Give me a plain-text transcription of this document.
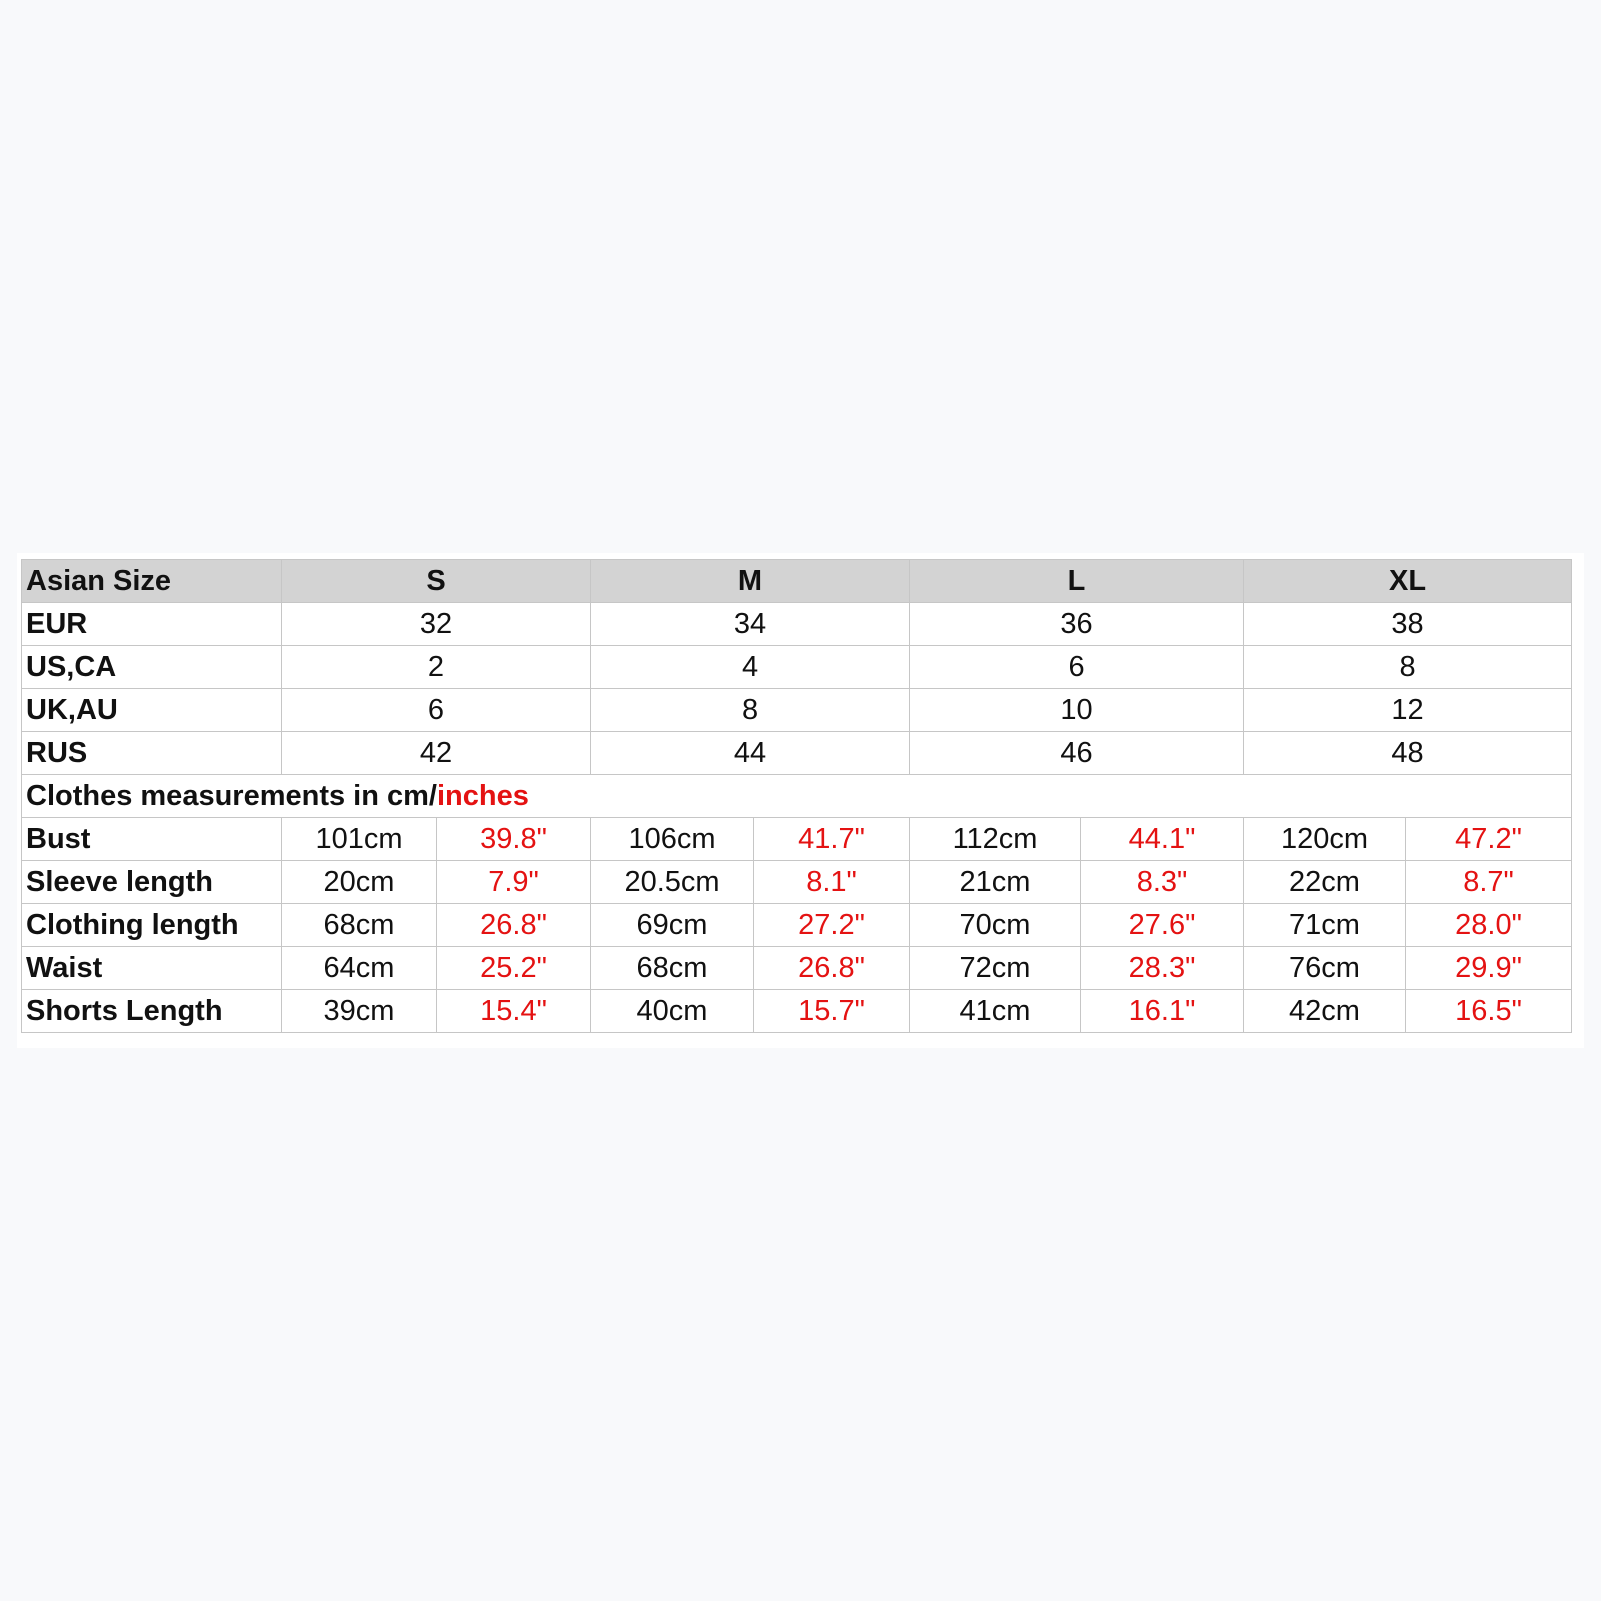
Asian Size	S		M		L		XL	
EUR	32		34		36		38	
US,CA	2		4		6		8	
UK,AU	6		8		10		12	
RUS	42		44		46		48	
Clothes measurements in cm/inches								
Bust	101cm	39.8"	106cm	41.7"	112cm	44.1"	120cm	47.2"
Sleeve length	20cm	7.9"	20.5cm	8.1"	21cm	8.3"	22cm	8.7"
Clothing length	68cm	26.8"	69cm	27.2"	70cm	27.6"	71cm	28.0"
Waist	64cm	25.2"	68cm	26.8"	72cm	28.3"	76cm	29.9"
Shorts Length	39cm	15.4"	40cm	15.7"	41cm	16.1"	42cm	16.5"
